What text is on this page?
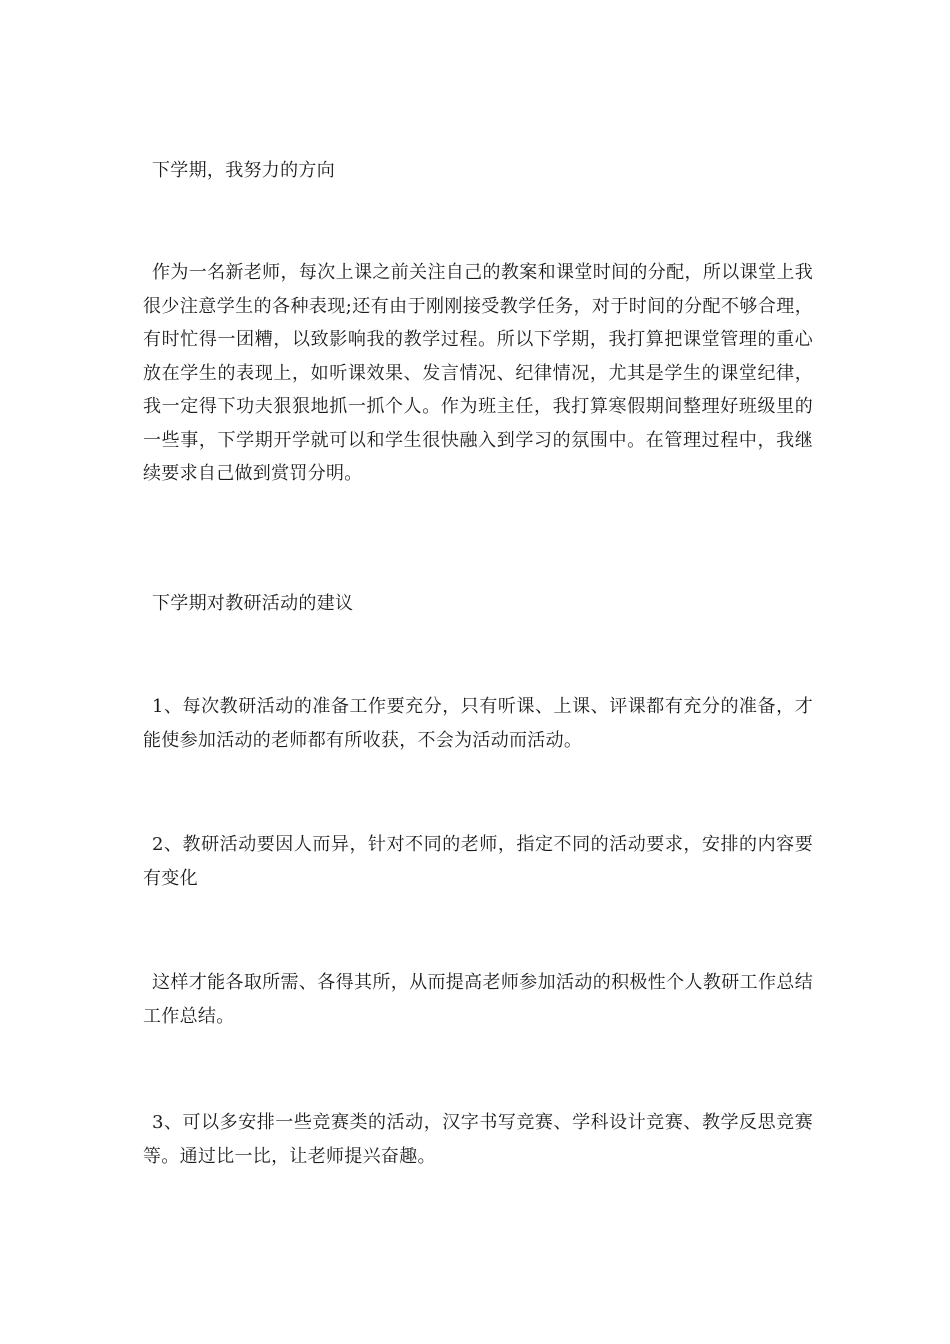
下学期，我努力的方向

作为一名新老师，每次上课之前关注自己的教案和课堂时间的分配，所以课堂上我很少注意学生的各种表现;还有由于刚刚接受教学任务，对于时间的分配不够合理，有时忙得一团糟，以致影响我的教学过程。所以下学期，我打算把课堂管理的重心放在学生的表现上，如听课效果、发言情况、纪律情况，尤其是学生的课堂纪律，我一定得下功夫狠狠地抓一抓个人。作为班主任，我打算寒假期间整理好班级里的一些事，下学期开学就可以和学生很快融入到学习的氛围中。在管理过程中，我继续要求自己做到赏罚分明。

下学期对教研活动的建议

1、每次教研活动的准备工作要充分，只有听课、上课、评课都有充分的准备，才能使参加活动的老师都有所收获，不会为活动而活动。

2、教研活动要因人而异，针对不同的老师，指定不同的活动要求，安排的内容要有变化

这样才能各取所需、各得其所，从而提高老师参加活动的积极性个人教研工作总结工作总结。

3、可以多安排一些竞赛类的活动，汉字书写竞赛、学科设计竞赛、教学反思竞赛等。通过比一比，让老师提兴奋趣。
